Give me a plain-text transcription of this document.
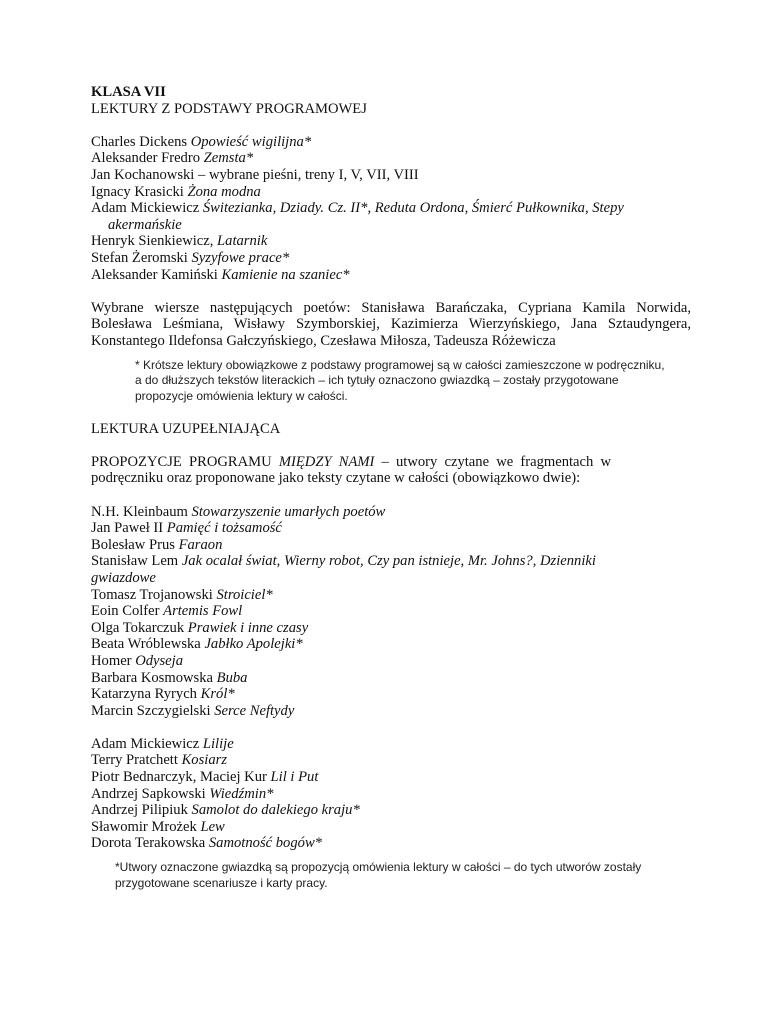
KLASA VII
LEKTURY Z PODSTAWY PROGRAMOWEJ
Charles Dickens Opowieść wigilijna*
Aleksander Fredro Zemsta*
Jan Kochanowski – wybrane pieśni, treny I, V, VII, VIII
Ignacy Krasicki Żona modna
Adam Mickiewicz Świtezianka, Dziady. Cz. II*, Reduta Ordona, Śmierć Pułkownika, Stepy
akermańskie
Henryk Sienkiewicz, Latarnik
Stefan Żeromski Syzyfowe prace*
Aleksander Kamiński Kamienie na szaniec*
Wybrane wiersze następujących poetów: Stanisława Barańczaka, Cypriana Kamila Norwida, Bolesława Leśmiana, Wisławy Szymborskiej, Kazimierza Wierzyńskiego, Jana Sztaudyngera, Konstantego Ildefonsa Gałczyńskiego, Czesława Miłosza, Tadeusza Różewicza
* Krótsze lektury obowiązkowe z podstawy programowej są w całości zamieszczone w podręczniku, a do dłuższych tekstów literackich – ich tytuły oznaczono gwiazdką – zostały przygotowane propozycje omówienia lektury w całości.
LEKTURA UZUPEŁNIAJĄCA
PROPOZYCJE PROGRAMU MIĘDZY NAMI – utwory czytane we fragmentach w podręczniku oraz proponowane jako teksty czytane w całości (obowiązkowo dwie):
N.H. Kleinbaum Stowarzyszenie umarłych poetów
Jan Paweł II Pamięć i tożsamość
Bolesław Prus Faraon
Stanisław Lem Jak ocalał świat, Wierny robot, Czy pan istnieje, Mr. Johns?, Dzienniki
gwiazdowe
Tomasz Trojanowski Stroiciel*
Eoin Colfer Artemis Fowl
Olga Tokarczuk Prawiek i inne czasy
Beata Wróblewska Jabłko Apolejki*
Homer Odyseja
Barbara Kosmowska Buba
Katarzyna Ryrych Król*
Marcin Szczygielski Serce Neftydy
Adam Mickiewicz Lilije
Terry Pratchett Kosiarz
Piotr Bednarczyk, Maciej Kur Lil i Put
Andrzej Sapkowski Wiedźmin*
Andrzej Pilipiuk Samolot do dalekiego kraju*
Sławomir Mrożek Lew
Dorota Terakowska Samotność bogów*
*Utwory oznaczone gwiazdką są propozycją omówienia lektury w całości – do tych utworów zostały przygotowane scenariusze i karty pracy.
